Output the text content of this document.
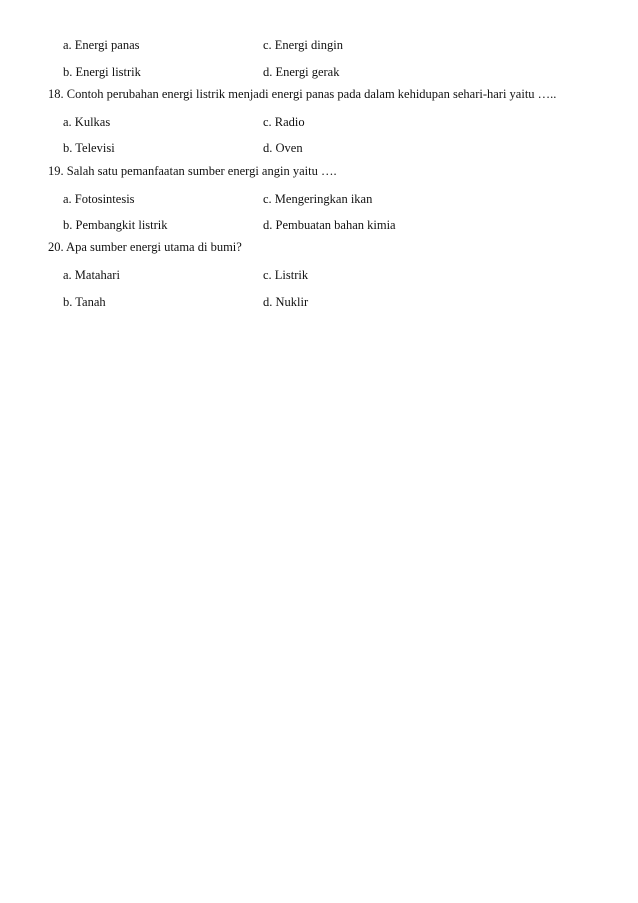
a. Energi panas	c. Energi dingin
b. Energi listrik	d. Energi gerak
18. Contoh perubahan energi listrik menjadi energi panas pada dalam kehidupan sehari-hari yaitu …..
a. Kulkas	c. Radio
b. Televisi	d. Oven
19. Salah satu pemanfaatan sumber energi angin yaitu ….
a. Fotosintesis	c. Mengeringkan ikan
b. Pembangkit listrik	d. Pembuatan bahan kimia
20. Apa sumber energi utama di bumi?
a. Matahari	c. Listrik
b. Tanah	d. Nuklir
